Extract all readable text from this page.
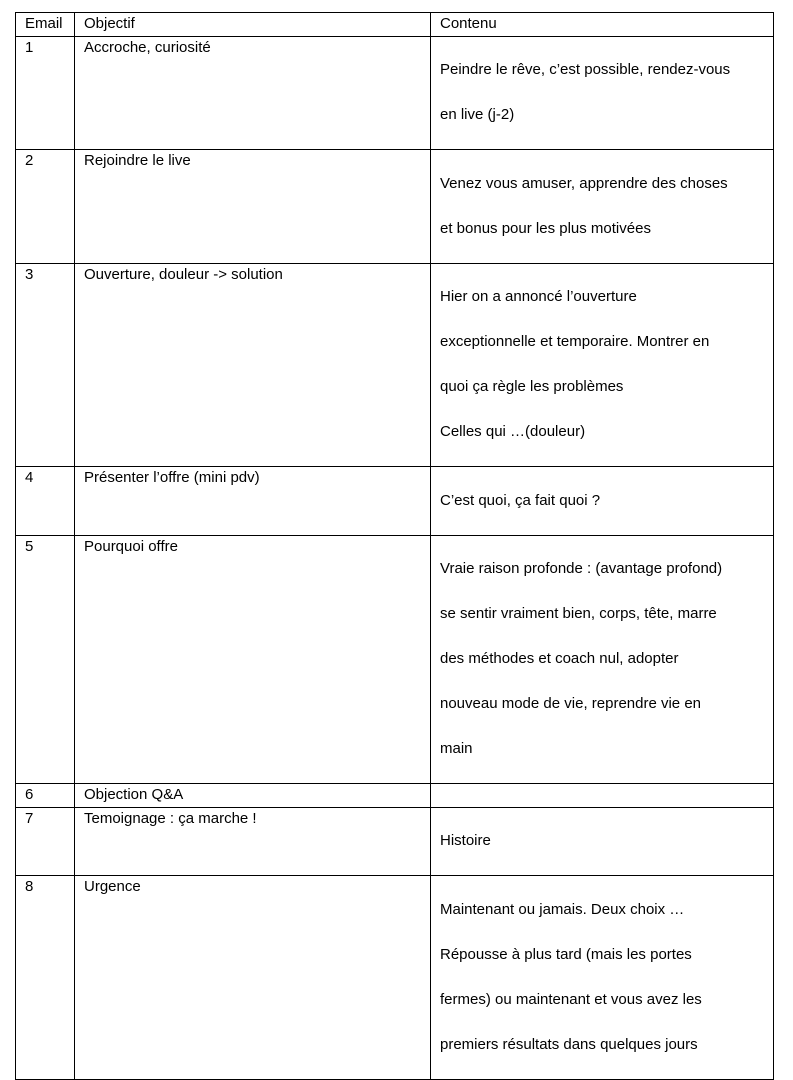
Email	Objectif	Contenu
1	Accroche, curiosité	Peindre le rêve, c’est possible, rendez-vous

en live (j-2)

2	Rejoindre le live	Venez vous amuser, apprendre des choses

et bonus pour les plus motivées

3	Ouverture, douleur -> solution	Hier on a annoncé l’ouverture

exceptionnelle et temporaire. Montrer en

quoi ça règle les problèmes

Celles qui …(douleur)

4	Présenter l’offre (mini pdv)	C’est quoi, ça fait quoi ?

5	Pourquoi offre	Vraie raison profonde : (avantage profond)

se sentir vraiment bien, corps, tête, marre

des méthodes et coach nul, adopter

nouveau mode de vie, reprendre vie en

main

6	Objection Q&A	
7	Temoignage : ça marche !	Histoire

8	Urgence	Maintenant ou jamais. Deux choix …

Répousse à plus tard (mais les portes

fermes) ou maintenant et vous avez les

premiers résultats dans quelques jours
